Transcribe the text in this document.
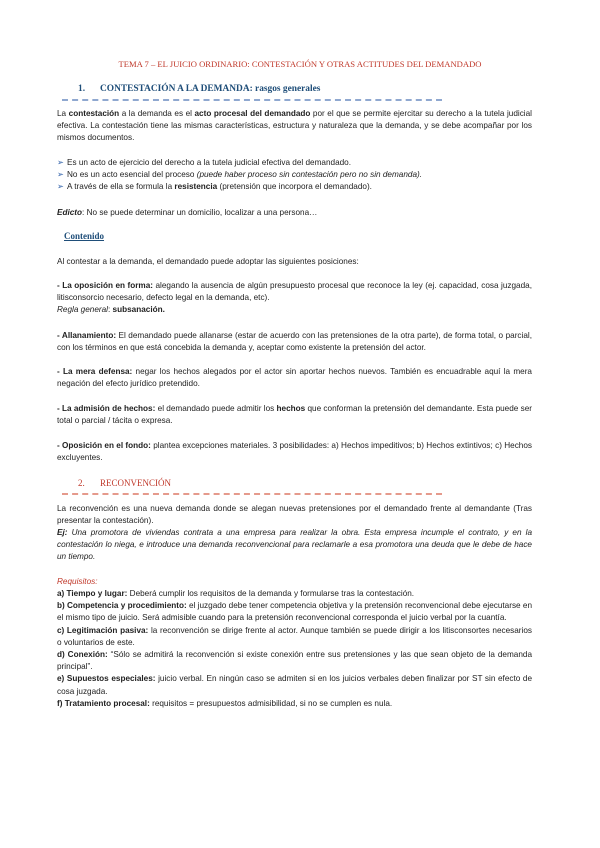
TEMA 7 – EL JUICIO ORDINARIO: CONTESTACIÓN Y OTRAS ACTITUDES DEL DEMANDADO
1. CONTESTACIÓN A LA DEMANDA: rasgos generales
La contestación a la demanda es el acto procesal del demandado por el que se permite ejercitar su derecho a la tutela judicial efectiva. La contestación tiene las mismas características, estructura y naturaleza que la demanda, y se debe acompañar por los mismos documentos.
➢ Es un acto de ejercicio del derecho a la tutela judicial efectiva del demandado.
➢ No es un acto esencial del proceso (puede haber proceso sin contestación pero no sin demanda).
➢ A través de ella se formula la resistencia (pretensión que incorpora el demandado).
Edicto: No se puede determinar un domicilio, localizar a una persona…
Contenido
Al contestar a la demanda, el demandado puede adoptar las siguientes posiciones:
- La oposición en forma: alegando la ausencia de algún presupuesto procesal que reconoce la ley (ej. capacidad, cosa juzgada, litisconsorcio necesario, defecto legal en la demanda, etc).
Regla general: subsanación.
- Allanamiento: El demandado puede allanarse (estar de acuerdo con las pretensiones de la otra parte), de forma total, o parcial, con los términos en que está concebida la demanda y, aceptar como existente la pretensión del actor.
- La mera defensa: negar los hechos alegados por el actor sin aportar hechos nuevos. También es encuadrable aquí la mera negación del efecto jurídico pretendido.
- La admisión de hechos: el demandado puede admitir los hechos que conforman la pretensión del demandante. Esta puede ser total o parcial / tácita o expresa.
- Oposición en el fondo: plantea excepciones materiales. 3 posibilidades: a) Hechos impeditivos; b) Hechos extintivos; c) Hechos excluyentes.
2. RECONVENCIÓN
La reconvención es una nueva demanda donde se alegan nuevas pretensiones por el demandado frente al demandante (Tras presentar la contestación).
Ej: Una promotora de viviendas contrata a una empresa para realizar la obra. Esta empresa incumple el contrato, y en la contestación lo niega, e introduce una demanda reconvencional para reclamarle a esa promotora una deuda que le debe de hace un tiempo.
Requisitos:
a) Tiempo y lugar: Deberá cumplir los requisitos de la demanda y formularse tras la contestación.
b) Competencia y procedimiento: el juzgado debe tener competencia objetiva y la pretensión reconvencional debe ejecutarse en el mismo tipo de juicio. Será admisible cuando para la pretensión reconvencional corresponda el juicio verbal por la cuantía.
c) Legitimación pasiva: la reconvención se dirige frente al actor. Aunque también se puede dirigir a los litisconsortes necesarios o voluntarios de este.
d) Conexión: “Sólo se admitirá la reconvención si existe conexión entre sus pretensiones y las que sean objeto de la demanda principal”.
e) Supuestos especiales: juicio verbal. En ningún caso se admiten si en los juicios verbales deben finalizar por ST sin efecto de cosa juzgada.
f) Tratamiento procesal: requisitos = presupuestos admisibilidad, si no se cumplen es nula.
